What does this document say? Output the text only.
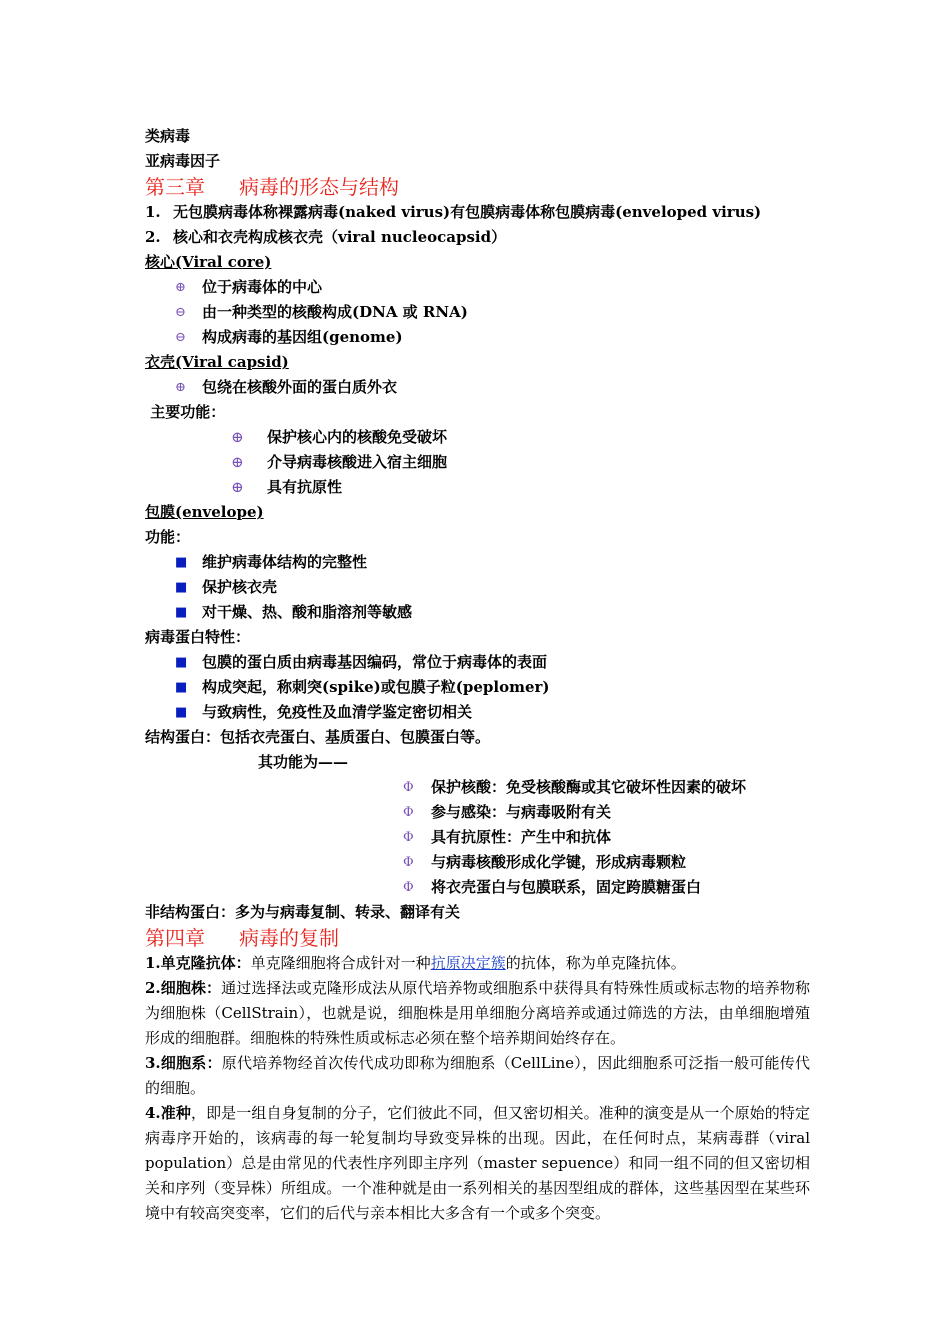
类病毒
亚病毒因子
第三章 病毒的形态与结构
1. 无包膜病毒体称裸露病毒(naked virus)有包膜病毒体称包膜病毒(enveloped virus)
2. 核心和衣壳构成核衣壳（viral nucleocapsid）
核心(Viral core)
⊕ 位于病毒体的中心
⊖ 由一种类型的核酸构成(DNA 或 RNA)
⊖ 构成病毒的基因组(genome)
衣壳(Viral capsid)
⊕ 包绕在核酸外面的蛋白质外衣
主要功能：
⊕ 保护核心内的核酸免受破坏
⊕ 介导病毒核酸进入宿主细胞
⊕ 具有抗原性
包膜(envelope)
功能：
■ 维护病毒体结构的完整性
■ 保护核衣壳
■ 对干燥、热、酸和脂溶剂等敏感
病毒蛋白特性：
■ 包膜的蛋白质由病毒基因编码，常位于病毒体的表面
■ 构成突起，称刺突(spike)或包膜子粒(peplomer)
■ 与致病性，免疫性及血清学鉴定密切相关
结构蛋白：包括衣壳蛋白、基质蛋白、包膜蛋白等。
其功能为——
Φ 保护核酸：免受核酸酶或其它破坏性因素的破坏
Φ 参与感染：与病毒吸附有关
Φ 具有抗原性：产生中和抗体
Φ 与病毒核酸形成化学键，形成病毒颗粒
Φ 将衣壳蛋白与包膜联系，固定跨膜糖蛋白
非结构蛋白：多为与病毒复制、转录、翻译有关
第四章 病毒的复制
1.单克隆抗体：单克隆细胞将合成针对一种抗原决定簇的抗体，称为单克隆抗体。
2.细胞株：通过选择法或克隆形成法从原代培养物或细胞系中获得具有特殊性质或标志物的培养物称为细胞株（CellStrain），也就是说，细胞株是用单细胞分离培养或通过筛选的方法，由单细胞增殖形成的细胞群。细胞株的特殊性质或标志必须在整个培养期间始终存在。
3.细胞系：原代培养物经首次传代成功即称为细胞系（CellLine），因此细胞系可泛指一般可能传代的细胞。
4.准种，即是一组自身复制的分子，它们彼此不同，但又密切相关。准种的演变是从一个原始的特定病毒序开始的，该病毒的每一轮复制均导致变异株的出现。因此，在任何时点，某病毒群（viral population）总是由常见的代表性序列即主序列（master sepuence）和同一组不同的但又密切相关和序列（变异株）所组成。一个准种就是由一系列相关的基因型组成的群体，这些基因型在某些环境中有较高突变率，它们的后代与亲本相比大多含有一个或多个突变。
